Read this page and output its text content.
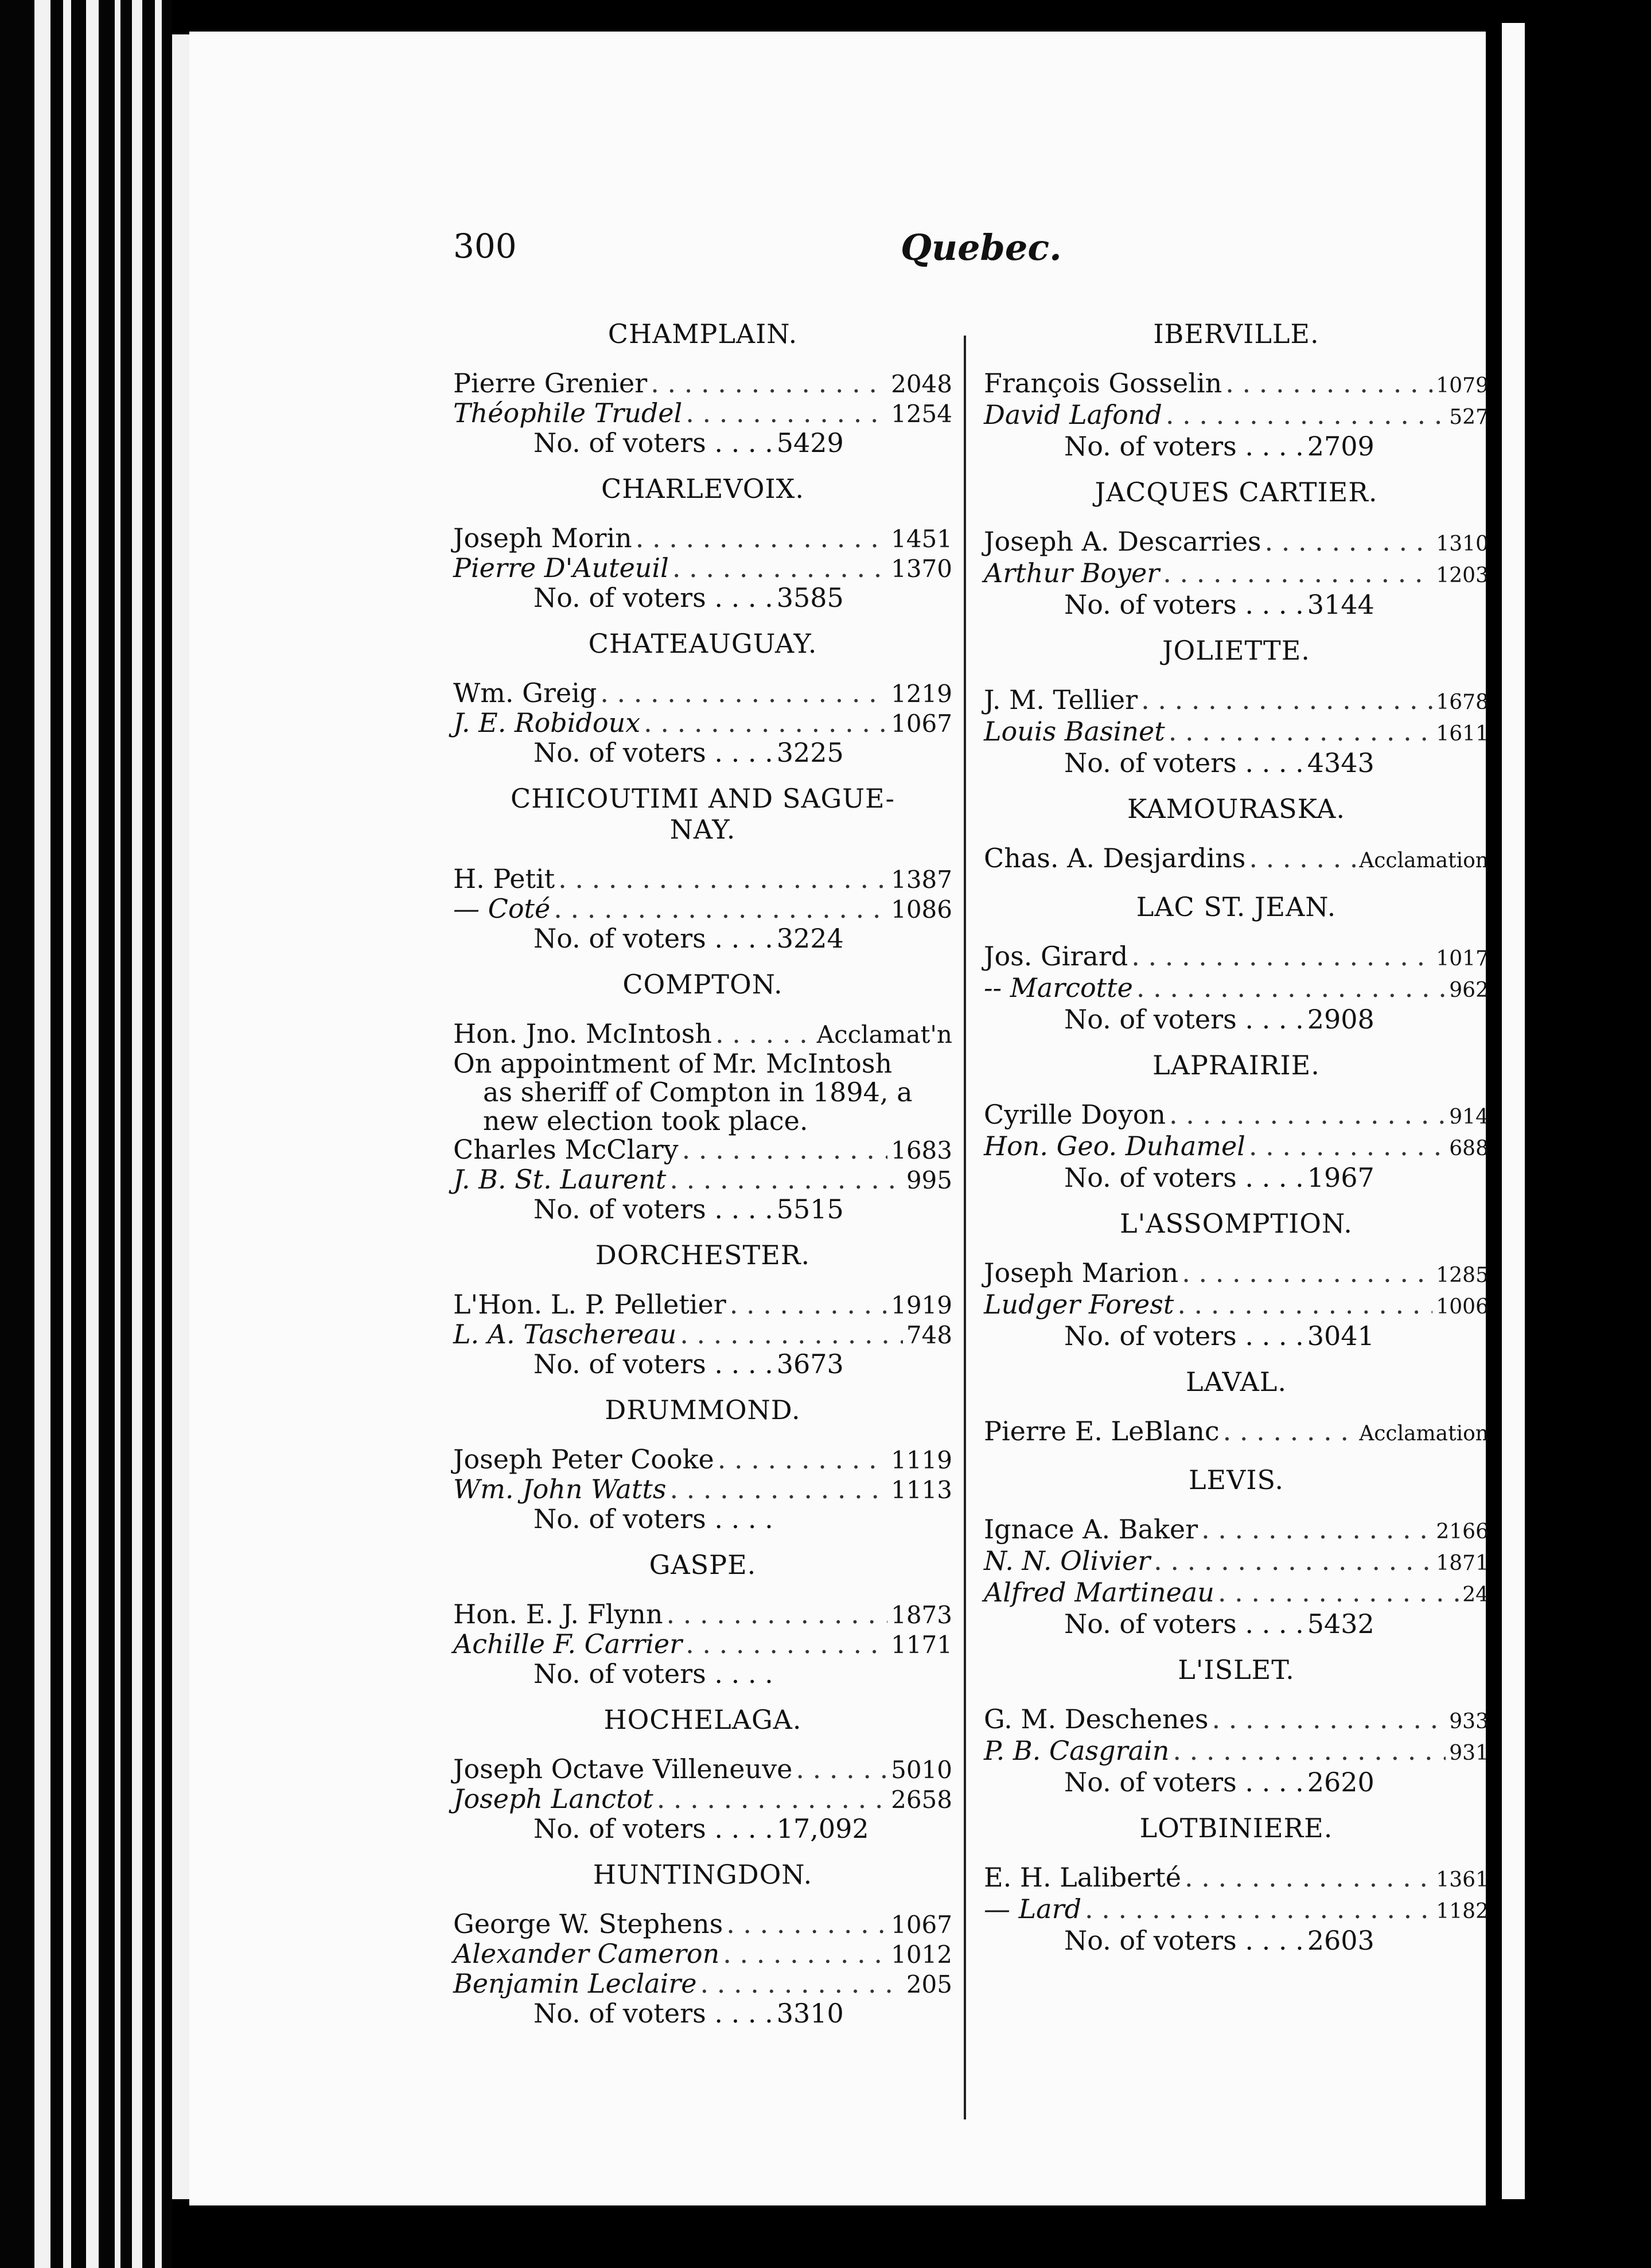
300	Quebec.
CHAMPLAIN.
Pierre Grenier . . .	2048
Théophile Trudel . . .	1254
No. of voters . . . . 5429
CHARLEVOIX.
Joseph Morin . . .	1451
Pierre D'Auteuil . . .	1370
No. of voters . . . . 3585
CHATEAUGUAY.
Wm. Greig . . .	1219
J. E. Robidoux . . .	1067
No. of voters . . . . 3225
CHICOUTIMI AND SAGUE-
NAY.
H. Petit . . .	1387
— Coté . . .	1086
No. of voters . . . . 3224
COMPTON.
Hon. Jno. McIntosh . . .	Acclamat'n
On appointment of Mr. McIntosh
as sheriff of Compton in 1894, a
new election took place.
Charles McClary . . .	1683
J. B. St. Laurent . . .	995
No. of voters . . . . 5515
DORCHESTER.
L'Hon. L. P. Pelletier . . .	1919
L. A. Taschereau . . .	748
No. of voters . . . . 3673
DRUMMOND.
Joseph Peter Cooke . . .	1119
Wm. John Watts . . .	1113
No. of voters . . . .
GASPE.
Hon. E. J. Flynn . . .	1873
Achille F. Carrier . . .	1171
No. of voters . . . .
HOCHELAGA.
Joseph Octave Villeneuve . . .	5010
Joseph Lanctot . . .	2658
No. of voters . . . . 17,092
HUNTINGDON.
George W. Stephens . . .	1067
Alexander Cameron . . .	1012
Benjamin Leclaire . . .	205
No. of voters . . . . 3310
IBERVILLE.
François Gosselin . . .	1079
David Lafond . . .	527
No. of voters . . . . 2709
JACQUES CARTIER.
Joseph A. Descarries . . .	1310
Arthur Boyer . . .	1203
No. of voters . . . . 3144
JOLIETTE.
J. M. Tellier . . .	1678
Louis Basinet . . .	1611
No. of voters . . . . 4343
KAMOURASKA.
Chas. A. Desjardins . . .	Acclamation
LAC ST. JEAN.
Jos. Girard . . .	1017
-- Marcotte . . .	962
No. of voters . . . . 2908
LAPRAIRIE.
Cyrille Doyon . . .	914
Hon. Geo. Duhamel . . .	688
No. of voters . . . . 1967
L'ASSOMPTION.
Joseph Marion . . .	1285
Ludger Forest . . .	1006
No. of voters . . . . 3041
LAVAL.
Pierre E. LeBlanc . . .	Acclamation
LEVIS.
Ignace A. Baker . . .	2166
N. N. Olivier . . .	1871
Alfred Martineau . . .	24
No. of voters . . . . 5432
L'ISLET.
G. M. Deschenes . . .	933
P. B. Casgrain . . .	931
No. of voters . . . . 2620
LOTBINIERE.
E. H. Laliberté . . .	1361
— Lard . . .	1182
No. of voters . . . . 2603
